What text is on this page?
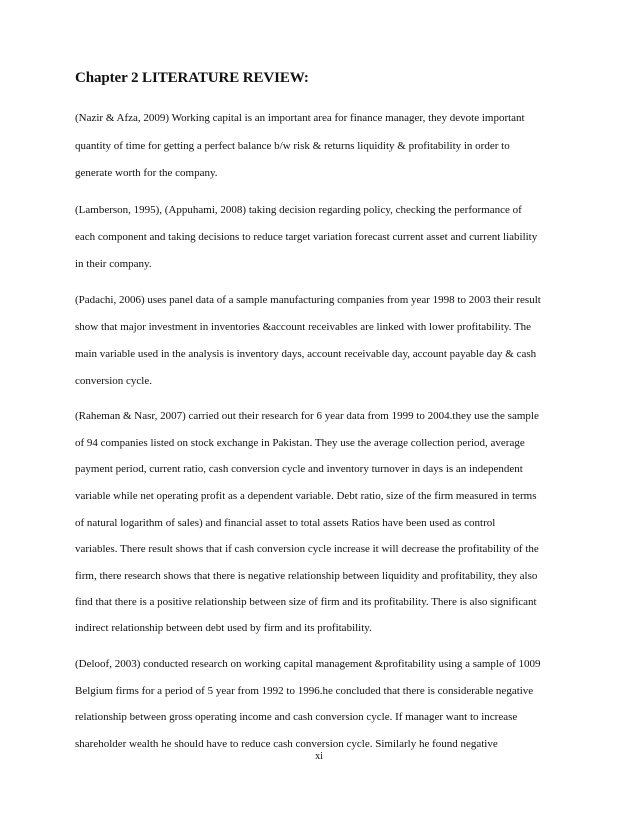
Chapter 2 LITERATURE REVIEW:
(Nazir & Afza, 2009) Working capital is an important area for finance manager, they devote important
quantity of time for getting a perfect balance b/w risk & returns liquidity & profitability in order to
generate worth for the company.
(Lamberson, 1995), (Appuhami, 2008) taking decision regarding policy, checking the performance of
each component and taking decisions to reduce target variation forecast current asset and current liability
in their company.
(Padachi, 2006) uses panel data of a sample manufacturing companies from year 1998 to 2003 their result
show that major investment in inventories &account receivables are linked with lower profitability. The
main variable used in the analysis is inventory days, account receivable day, account payable day & cash
conversion cycle.
(Raheman & Nasr, 2007) carried out their research for 6 year data from 1999 to 2004.they use the sample
of 94 companies listed on stock exchange in Pakistan. They use the average collection period, average
payment period, current ratio, cash conversion cycle and inventory turnover in days is an independent
variable while net operating profit as a dependent variable. Debt ratio, size of the firm measured in terms
of natural logarithm of sales) and financial asset to total assets Ratios have been used as control
variables. There result shows that if cash conversion cycle increase it will decrease the profitability of the
firm, there research shows that there is negative relationship between liquidity and profitability, they also
find that there is a positive relationship between size of firm and its profitability. There is also significant
indirect relationship between debt used by firm and its profitability.
(Deloof, 2003) conducted research on working capital management &profitability using a sample of 1009
Belgium firms for a period of 5 year from 1992 to 1996.he concluded that there is considerable negative
relationship between gross operating income and cash conversion cycle. If manager want to increase
shareholder wealth he should have to reduce cash conversion cycle. Similarly he found negative
xi
